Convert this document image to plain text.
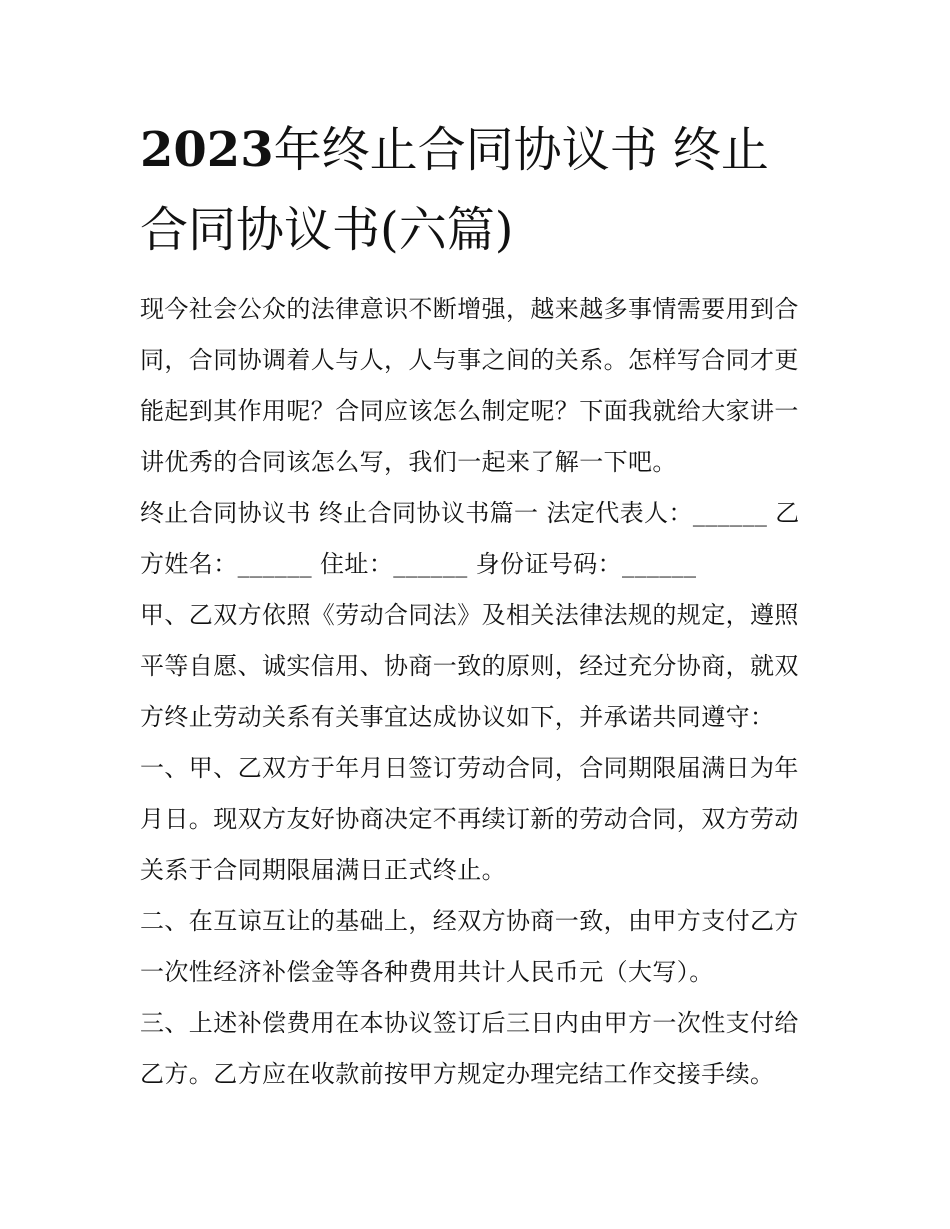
2023年终止合同协议书 终止合同协议书(六篇)

现今社会公众的法律意识不断增强，越来越多事情需要用到合同，合同协调着人与人，人与事之间的关系。怎样写合同才更能起到其作用呢？合同应该怎么制定呢？下面我就给大家讲一讲优秀的合同该怎么写，我们一起来了解一下吧。

终止合同协议书 终止合同协议书篇一 法定代表人：______ 乙方姓名：______ 住址：______ 身份证号码：______

甲、乙双方依照《劳动合同法》及相关法律法规的规定，遵照平等自愿、诚实信用、协商一致的原则，经过充分协商，就双方终止劳动关系有关事宜达成协议如下，并承诺共同遵守：

一、甲、乙双方于年月日签订劳动合同，合同期限届满日为年月日。现双方友好协商决定不再续订新的劳动合同，双方劳动关系于合同期限届满日正式终止。

二、在互谅互让的基础上，经双方协商一致，由甲方支付乙方一次性经济补偿金等各种费用共计人民币元（大写）。

三、上述补偿费用在本协议签订后三日内由甲方一次性支付给乙方。乙方应在收款前按甲方规定办理完结工作交接手续。
